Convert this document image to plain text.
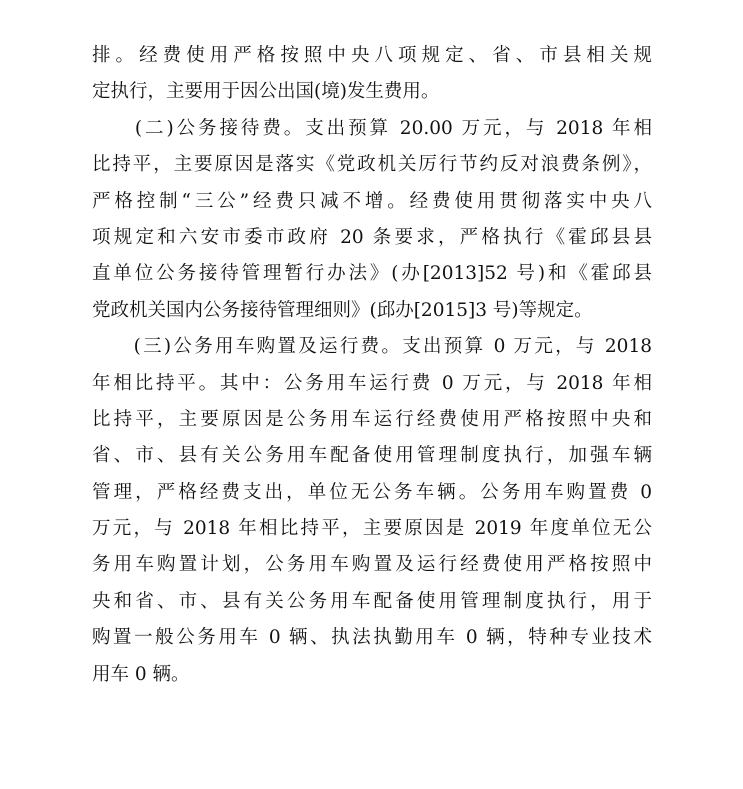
排。经费使用严格按照中央八项规定、省、市县相关规
定执行，主要用于因公出国(境)发生费用。
　　(二)公务接待费。支出预算 20.00 万元，与 2018 年相
比持平，主要原因是落实《党政机关厉行节约反对浪费条例》，
严格控制“三公”经费只减不增。经费使用贯彻落实中央八
项规定和六安市委市政府 20 条要求，严格执行《霍邱县县
直单位公务接待管理暂行办法》(办[2013]52 号)和《霍邱县
党政机关国内公务接待管理细则》(邱办[2015]3 号)等规定。
　　(三)公务用车购置及运行费。支出预算 0 万元，与 2018
年相比持平。其中：公务用车运行费 0 万元，与 2018 年相
比持平，主要原因是公务用车运行经费使用严格按照中央和
省、市、县有关公务用车配备使用管理制度执行，加强车辆
管理，严格经费支出，单位无公务车辆。公务用车购置费 0
万元，与 2018 年相比持平，主要原因是 2019 年度单位无公
务用车购置计划，公务用车购置及运行经费使用严格按照中
央和省、市、县有关公务用车配备使用管理制度执行，用于
购置一般公务用车 0 辆、执法执勤用车 0 辆，特种专业技术
用车 0 辆。
